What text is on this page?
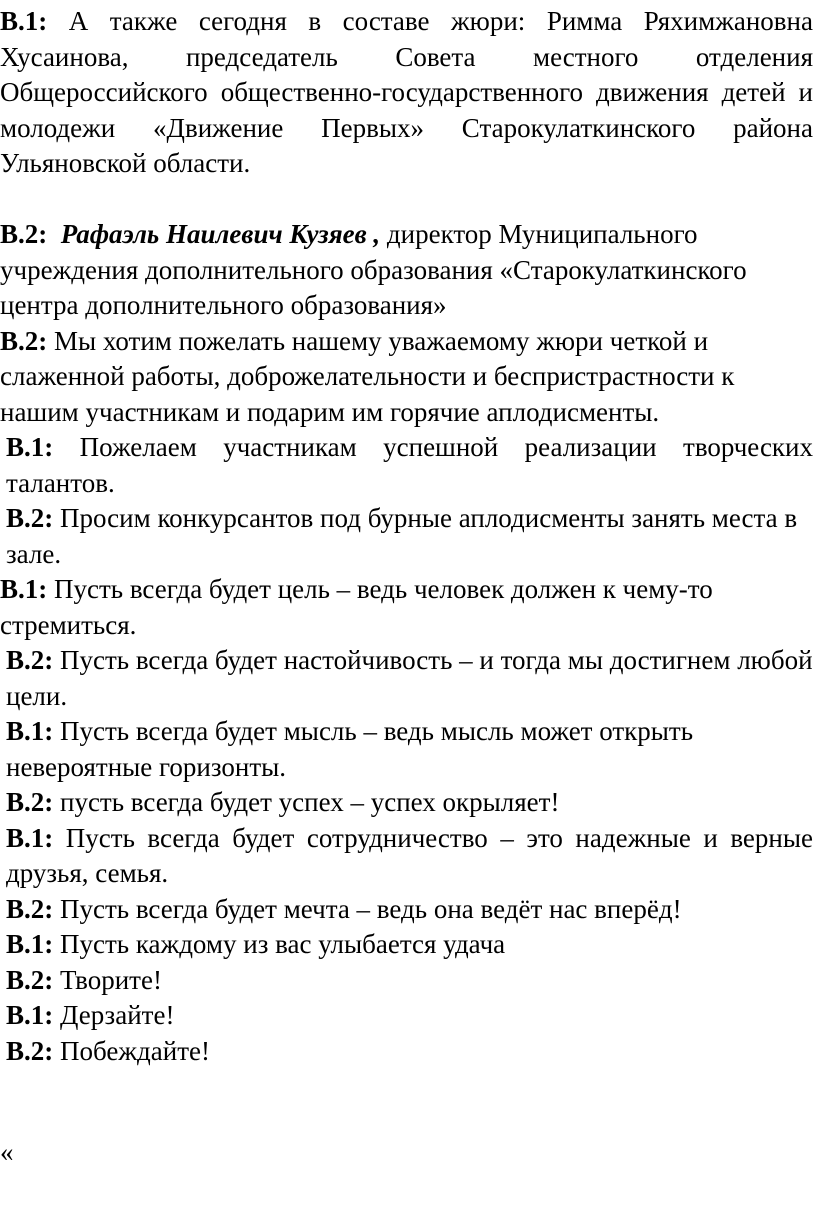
В.1: А также сегодня в составе жюри: Римма Ряхимжановна Хусаинова, председатель Совета местного отделения Общероссийского общественно-государственного движения детей и молодежи «Движение Первых» Старокулаткинского района Ульяновской области.

В.2: Рафаэль Наилевич Кузяев , директор Муниципального учреждения дополнительного образования «Старокулаткинского центра дополнительного образования»

В.2: Мы хотим пожелать нашему уважаемому жюри четкой и слаженной работы, доброжелательности и беспристрастности к нашим участникам и подарим им горячие аплодисменты.

В.1: Пожелаем участникам успешной реализации творческих талантов.

В.2: Просим конкурсантов под бурные аплодисменты занять места в зале.

В.1: Пусть всегда будет цель – ведь человек должен к чему-то стремиться.

В.2: Пусть всегда будет настойчивость – и тогда мы достигнем любой цели.

В.1: Пусть всегда будет мысль – ведь мысль может открыть невероятные горизонты.

В.2: пусть всегда будет успех – успех окрыляет!

В.1: Пусть всегда будет сотрудничество – это надежные и верные друзья, семья.

В.2: Пусть всегда будет мечта – ведь она ведёт нас вперёд!

В.1: Пусть каждому из вас улыбается удача

В.2: Творите!

В.1: Дерзайте!

В.2: Побеждайте!

«
